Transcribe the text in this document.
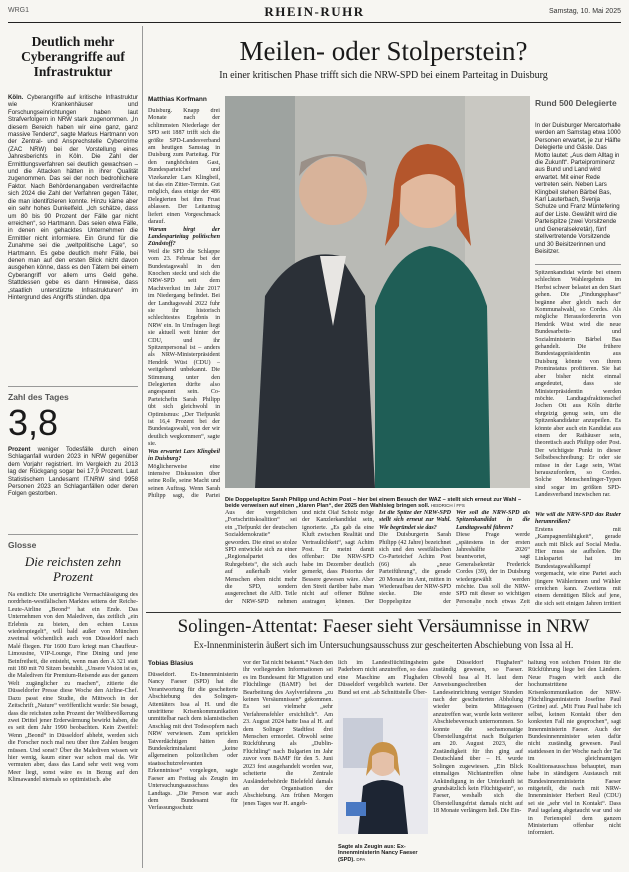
WRG1	RHEIN-RUHR	Samstag, 10. Mai 2025
Deutlich mehr Cyberangriffe auf Infrastruktur

Köln. Cyberangriffe auf kritische Infrastruktur wie Krankenhäuser und Forschungseinrichtungen haben laut Strafverfolgern in NRW stark zugenommen. „In diesem Bereich haben wir eine ganz, ganz massive Tendenz“, sagte Markus Hartmann von der Zentral- und Ansprechstelle Cybercrime (ZAC NRW) bei der Vorstellung eines Jahresberichts in Köln. Die Zahl der Ermittlungsverfahren sei deutlich gewachsen – und die Attacken hätten in ihrer Qualität zugenommen. Das sei der noch bedrohlichere Faktor. Nach Behördenangaben verdreifachte sich 2024 die Zahl der Verfahren gegen Täter, die man identifizieren konnte. Hinzu käme aber ein sehr hohes Dunkelfeld. „Ich schätze, dass um 80 bis 90 Prozent der Fälle gar nicht erreichen“, so Hartmann. Das seien etwa Fälle, in denen ein gehacktes Unternehmen die Ermittler nicht informiere. Ein Grund für die Zunahme sei die „weltpolitische Lage“, so Hartmann. Es gebe deutlich mehr Fälle, bei denen man auf den ersten Blick nicht davon ausgehen könne, dass es den Tätern bei einem Cyberangriff vor allem ums Geld gehe. Stattdessen gebe es dann Hinweise, dass „staatlich unterstützte Infrastrukturen“ im Hintergrund des Angriffs stünden. dpa

Zahl des Tages
3,8

Prozent weniger Todesfälle durch einen Schlaganfall wurden 2023 in NRW gegenüber dem Vorjahr registriert. Im Vergleich zu 2013 lag der Rückgang sogar bei 17,9 Prozent. Laut Statistischem Landesamt IT.NRW sind 9958 Personen 2023 an Schlaganfällen oder deren Folgen gestorben.

Glosse
Die reichsten zehn Prozent

Na endlich: Die unerträgliche Verrnachlässigung des nordrhein-westfälischen Marktes seitens der Reiche-Leute-Airline „Beond“ hat ein Ende. Das Unternehmen von den Malediven, das zeitlich „ein Erlebnis zu bieten, den echten Luxus wiederspiegelt“, will bald außer von München zweimal wöchentlich auch von Düsseldorf nach Malé fliegen. Für 1600 Euro kriegt man Chauffeur-Limousine, VIP-Lounge, Fine Dining und jene Beinfreiheit, die entsteht, wenn man den A 321 statt mit 180 mit 70 Sitzen bestuhlt. „Unsere Vision ist es, die Malediven für Premium-Reisende aus der ganzen Welt zugänglicher zu machen“, zitierte die Düsseldorfer Presse diese Woche den Airline-Chef. Dazu passt eine Studie, die Mittwoch in der Zeitschrift „Nature“ veröffentlicht wurde: Sie besagt, dass die reichsten zehn Prozent der Weltbevölkerung zwei Drittel jener Erderwärmung bewirkt haben, die es seit dem Jahr 1990 beobachten. Kein Zweifel: Wenn „Beond“ in Düsseldorf abhebt, werden sich die Forscher noch mal neu über ihre Zahlen beugen müssen. Und sonst? Über die Malediven wissen wir hier wenig, kaum einer war schon mal da. Wir vermuten aber, dass das Land sehr weit weg vom Meer liegt, sonst wäre es in Bezug auf den Klimawandel niemals so optimistisch. abe

Meilen- oder Stolperstein?
In einer kritischen Phase trifft sich die NRW-SPD bei einem Parteitag in Duisburg
Matthias Korfmann

Duisburg. Knapp drei Monate nach der schlimmsten Niederlage der SPD seit 1887 trifft sich die größte SPD-Landesverband am heutigen Samstag in Duisburg zum Parteitag. Für den ranghöchsten Gast, Bundesparteichef und Vizekanzler Lars Klingbeil, ist das ein Zitter-Termin. Gut möglich, dass einige der 486 Delegierten bei ihm Frust ablassen. Der Leitantrag liefert einen Vorgeschmack darauf.
Warum birgt der Landesparteitag politischen Zündstoff?
Weil die SPD die Schlappe vom 23. Februar bei der Bundestagswahl in den Knochen steckt und sich die NRW-SPD seit dem Machtverlust im Jahr 2017 im Niedergang befindet. Bei der Landtagswahl 2022 fuhr sie ihr historisch schlechtestes Ergebnis in NRW ein. In Umfragen liegt sie aktuell weit hinter der CDU, und ihr Spitzenpersonal ist – anders als NRW-Ministerpräsident Hendrik Wüst (CDU) – weitgehend unbekannt. Die Stimmung unter den Delegierten dürfte also angespannt sein. Co-Parteichefin Sarah Philipp übt sich gleichwohl in Optimismus: „Der Tiefpunkt ist 16,4 Prozent bei der Bundestagswahl, von der wir deutlich wegkommen“, sagte sie.
Was erwartet Lars Klingbeil in Duisburg?
Möglicherweise eine intensive Diskussion über seine Rolle, seine Macht und seinen Auftrag. Wenn Sarah Philipp sagt, die Partei

Die Doppelspitze Sarah Philipp und Achim Post – hier bei einem Besuch der WAZ – stellt sich erneut zur Wahl – beide verweisen auf einen „klaren Plan“, der 2025 den Wahlsieg bringen soll. HEIDRICH / FFS

Rund 500 Delegierte

In der Duisburger Mercatorhalle werden am Samstag etwa 1000 Personen erwartet, je zur Hälfte Delegierte und Gäste. Das Motto lautet: „Aus dem Alltag in die Zukunft“. Parteiprominenz aus Bund und Land wird erwartet. Mit einer Rede vertreten sein. Neben Lars Klingbeil stehen Bärbel Bas, Karl Lauterbach, Svenja Schulze und Franz Müntefering auf der Liste. Gewählt wird die Parteispitze (zwei Vorsitzende und Generalsekretär), fünf stellvertretende Vorsitzende und 30 Beisitzerinnen und Beisitzer.

Spitzenkandidat würde bei einem schlechten Wahlergebnis im Herbst schwer belastet an den Start gehen. Die „Findungsphase“ begänne aber gleich nach der Kommunalwahl, so Cordes. Als mögliche Herausfordererin von Hendrik Wüst wird die neue Bundesarbeits- und Sozialministerin Bärbel Bas gehandelt. Die frühere Bundestagspräsidentin aus Duisburg könnte von ihrem Prominstatus profitieren. Sie hat aber bisher nicht einmal angedeutet, dass sie Ministerpräsidentin werden möchte. Landtagsfraktionschef Jochen Ott aus Köln dürfte ehrgeizig genug sein, um die Spitzenkandidatur anzupeilen. Es könnte aber auch ein Kandidat aus einem der Rathäuser sein, theoretisch auch Philipp oder Post. Der wichtigste Punkt in dieser Selbstbeschreibung: Er oder sie müsse in der Lage sein, Wüst herauszufordern, so Cordes. Solche Menschenfinger-Typen sind sogar im größten SPD-Landesverband inzwischen rar.

Aus der vergeblichen „Fortschrittskoalition“ sei ein „Tiefpunkt der deutschen Sozialdemokratie“ geworden. Die einst so stolze SPD entwickle sich zu einer „Regionalpartei des Ruhrgebiets“, die sich auch auf außerhalb vieler Menschen eben nicht mehr die SPD, sondern ausgerechnet die AfD. Teile der NRW-SPD nehmen

und nicht Olaf Scholz möge der Kanzlerkandidat sein, ignorierte. „Es gab da eine Kluft zwischen Realität und Vertraulichkeit“, sagt Achim Post. Er meint damit offenbar: Die NRW-SPD habe im Dezember deutlich gemerkt, dass Pistorius der Bessere gewesen wäre. Aber den Streit darüber habe man nicht auf offener Bühne austragen können. Der

Ist die Spitze der NRW-SPD stellt sich erneut zur Wahl. Wie begründet sie das?
Die Duisburgerin Sarah Philipp (42 Jahre) bezeichnet sich und den westfälischen Co-Parteichef Achim Post (66) als „neue Parteiführung“, die gerade 20 Monate im Amt, mitten in Wiederaufbau der NRW-SPD stecke. Die erste Doppelspitze der

Wer soll die NRW-SPD als Spitzenkandidat in die Landtagswahl führen?
Diese Frage werde „spätestens in der ersten Jahreshälfte 2026“ beantwortet, sagt Generalsekretär Frederick Cordes (39), der in Duisburg wiedergewählt werden möchte. Das soll die NRW-SPD mit dieser so wichtigen Personalie noch etwas Zeit

Wie will die NRW-SPD das Ruder herumreißen?
Erstens mit „Kampagnenfähigkeit“, gerade auch mit Blick auf Social Media. Hier muss sie aufholen. Die Linkspartei hat im Bundestagswahlkampf vorgemacht, wie eine Partei auch jüngere Wählerinnen und Wähler erreichen kann. Zweitens mit einem demütigen Blick auf jene, die sich seit einigen Jahren irritiert

Solingen-Attentat: Faeser sieht Versäumnisse in NRW
Ex-Innenministerin äußert sich im Untersuchungsausschuss zur gescheiterten Abschiebung von Issa al H.
Tobias Blasius

Düsseldorf. Ex-Innenministerin Nancy Faeser (SPD) hat die Verantwortung für die gescheiterte Abschiebung des Solingen-Attentäters Issa al H. und die unstrittene Krisenkommunikation unmittelbar nach dem islamistischen Anschlag mit drei Todesopfern nach NRW verwiesen. Zum spricklen Tatverdächtigen hätten dem Bundeskriminalamt „keine allgemeinen polizeilichen oder staatsschutzrelevanten Erkenntnisse“ vorgelegen, sagte Faeser am Freitag als Zeugin im Untersuchungsausschuss des Landtags. „Die Person war auch dem Bundesamt für Verfassungsschutz

vor der Tat nicht bekannt.“ Nach den ihr vorliegenden Informationen sei es im Bundesamt für Migration und Flüchtlinge (BAMF) bei der Bearbeitung des Asylverfahrens „zu keinen Versäumnissen“ gekommen. Es sei vielmehr „sehr Verfahrensfehler ersichtlich“. Am 23. August 2024 hatte Issa al H. auf dem Solinger Stadtfest drei Menschen ermordet. Obwohl seine Rückführung als „Dublin-Flüchtling“ nach Bulgarien im Jahr zuvor vom BAMF für den 5. Juni 2023 fest ausgehandelt worden war, scheiterte die Zentrale Ausländerbehörde Bielefeld damals an der Organisation der Abschiebung. Am frühen Morgen jenes Tages war H. angeb-

lich im Landesflüchtlingsheim Paderborn nicht anzutreffen, so dass eine Maschine am Flughafen Düsseldorf vergeblich wartete. Der Bund sei erst „ab Schnittstelle Über-

Sagte als Zeugin aus: Ex-Innenministerin Nancy Faeser (SPD). DPA

gabe Düsseldorf Flughafen“ zuständig gewesen, so Faeser. Obwohl Issa al H. laut dem Anweisungsschreiben der Landeseinrichtung weniger Stunden nach der gescheiterten Abholung wieder beim Mittagessen anzutreffen war, wurde kein weiterer Abschiebeversuch unternommen. So konnte die sechsmonatige Überstellungsfrist nach Bulgarien am 20. August 2023, die Zuständigkeit für ihn ging auf Deutschland über – H. wurde Solingen zugewiesen. „Ein Blick einmaliges Nichtantreffen ohne Ankündigung in der Unterkunft ist grundsätzlich kein Flüchtigsein“, so Faeser, weshalb sich die Überstellungsfrist damals nicht auf 18 Monate verlängern ließ. Die Ein-

haltung von solchen Fristen für die Rückführung liege bei den Ländern. Neue Fragen wirft auch die hochumstrittene Krisenkommunikation der NRW-Flüchtlingsministerin Josefine Paul (Grüne) auf. „Mit Frau Paul habe ich selbst, keinen Kontakt über den konkreten Fall nie gesprochen“, sagt Innenministerin Faeser. Auch der Bundesinnenminister seien dafür nicht zuständig gewesen. Paul stattdessen in der Woche nach der Tat im gleichnamigen Koalitionsausschuss behauptet, man habe in ständigem Austausch mit Bundesinnenministerin Faeser mitgeteilt, die nach mit NRW-Innenminister Herbert Reul (CDU) sei sie „sehr viel in Kontakt“. Dass Paul tagelang abgetaucht war und sie in Ferienspiel dem ganzen Ministerium offenbar nicht informiert.
